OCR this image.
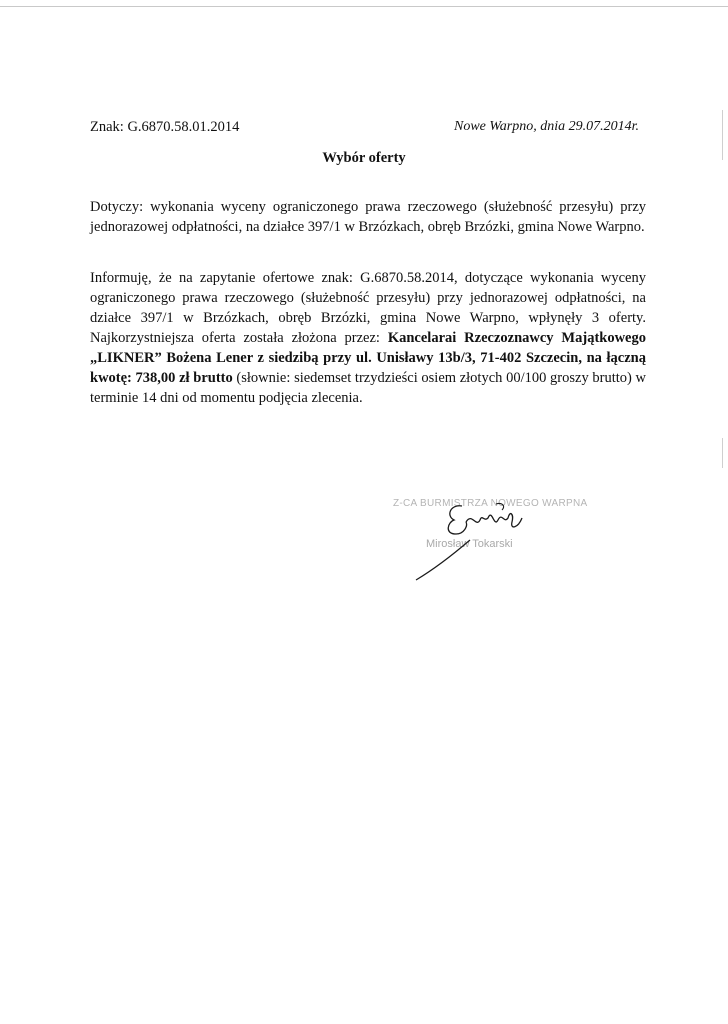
Znak: G.6870.58.01.2014	Nowe Warpno, dnia 29.07.2014r.
Wybór oferty

Dotyczy: wykonania wyceny ograniczonego prawa rzeczowego (służebność przesyłu) przy jednorazowej odpłatności, na działce 397/1 w Brzózkach, obręb Brzózki, gmina Nowe Warpno.

Informuję, że na zapytanie ofertowe znak: G.6870.58.2014, dotyczące wykonania wyceny ograniczonego prawa rzeczowego (służebność przesyłu) przy jednorazowej odpłatności, na działce 397/1 w Brzózkach, obręb Brzózki, gmina Nowe Warpno, wpłynęły 3 oferty. Najkorzystniejsza oferta została złożona przez: Kancelarai Rzeczoznawcy Majątkowego „LIKNER” Bożena Lener z siedzibą przy ul. Unisławy 13b/3, 71-402 Szczecin, na łączną kwotę: 738,00 zł brutto (słownie: siedemset trzydzieści osiem złotych 00/100 groszy brutto) w terminie 14 dni od momentu podjęcia zlecenia.

Z-CA BURMISTRZA NOWEGO WARPNA
Mirosław Tokarski
